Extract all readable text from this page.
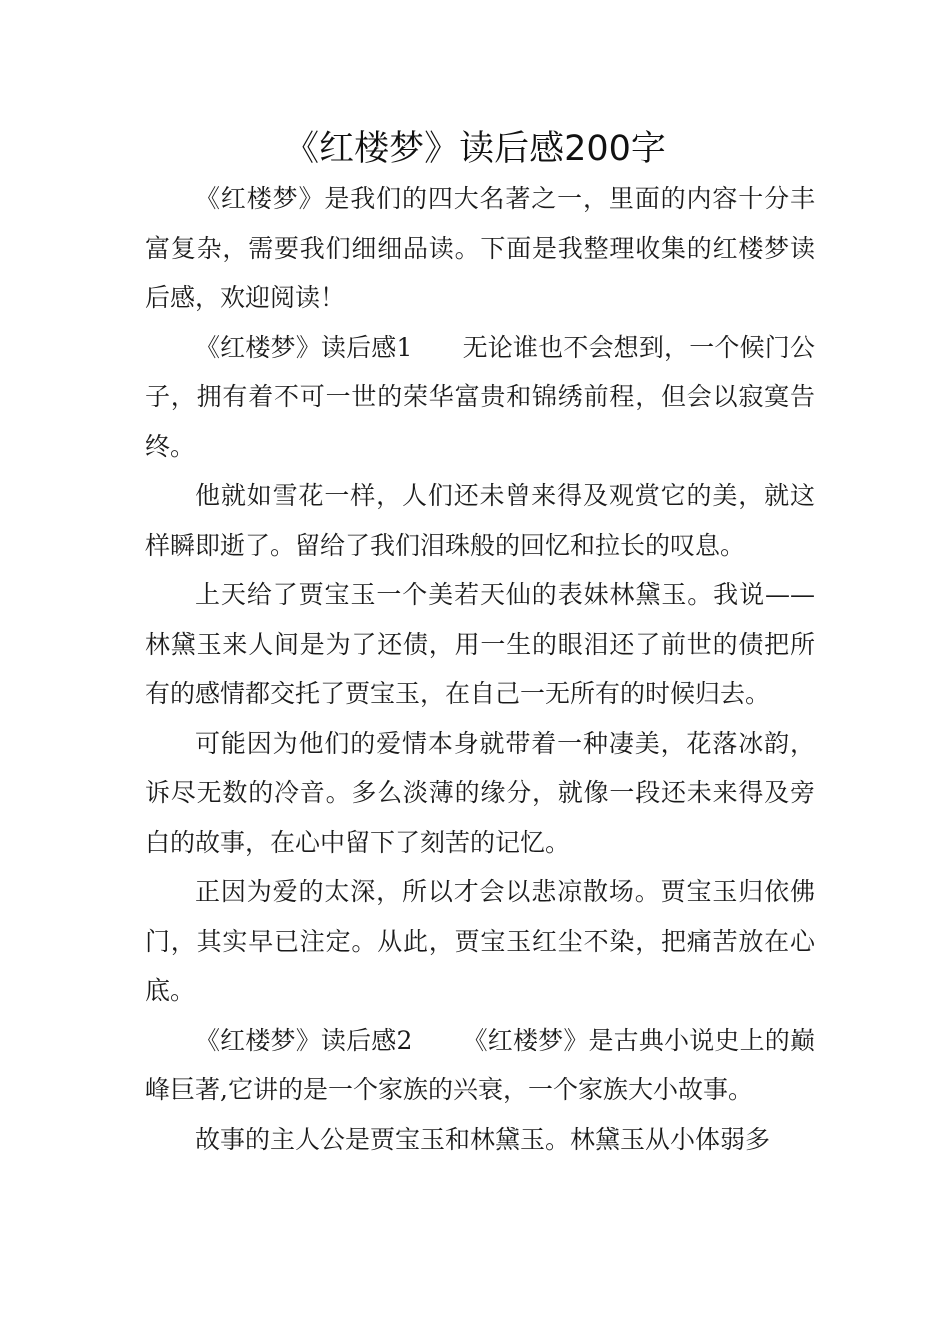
《红楼梦》读后感200字

《红楼梦》是我们的四大名著之一，里面的内容十分丰富复杂，需要我们细细品读。下面是我整理收集的红楼梦读后感，欢迎阅读！

《红楼梦》读后感1 无论谁也不会想到，一个候门公子，拥有着不可一世的荣华富贵和锦绣前程，但会以寂寞告终。

他就如雪花一样，人们还未曾来得及观赏它的美，就这样瞬即逝了。留给了我们泪珠般的回忆和拉长的叹息。

上天给了贾宝玉一个美若天仙的表妹林黛玉。我说——林黛玉来人间是为了还债，用一生的眼泪还了前世的债把所有的感情都交托了贾宝玉，在自己一无所有的时候归去。

可能因为他们的爱情本身就带着一种凄美，花落冰韵，诉尽无数的冷音。多么淡薄的缘分，就像一段还未来得及旁白的故事，在心中留下了刻苦的记忆。

正因为爱的太深，所以才会以悲凉散场。贾宝玉归依佛门，其实早已注定。从此，贾宝玉红尘不染，把痛苦放在心底。

《红楼梦》读后感2 《红楼梦》是古典小说史上的巅峰巨著,它讲的是一个家族的兴衰，一个家族大小故事。

故事的主人公是贾宝玉和林黛玉。林黛玉从小体弱多
